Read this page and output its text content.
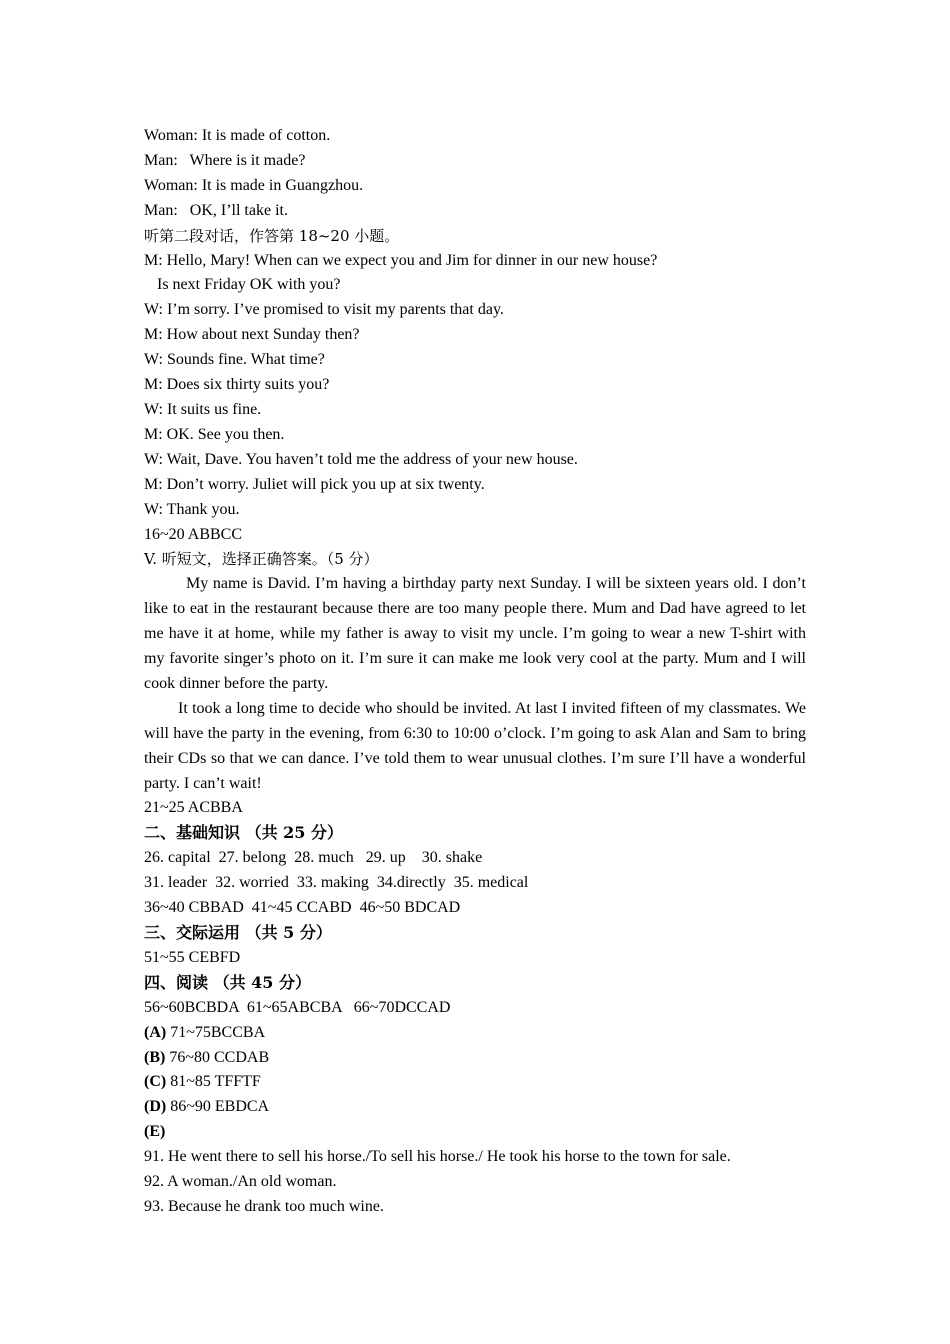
Woman: It is made of cotton.

Man:   Where is it made?

Woman: It is made in Guangzhou.

Man:   OK, I’ll take it.

听第二段对话，作答第 18~20 小题。

M: Hello, Mary! When can we expect you and Jim for dinner in our new house?

Is next Friday OK with you?

W: I’m sorry. I’ve promised to visit my parents that day.

M: How about next Sunday then?

W: Sounds fine. What time?

M: Does six thirty suits you?

W: It suits us fine.

M: OK. See you then.

W: Wait, Dave. You haven’t told me the address of your new house.

M: Don’t worry. Juliet will pick you up at six twenty.

W: Thank you.

16~20 ABBCC

V. 听短文，选择正确答案。（5 分）

My name is David. I’m having a birthday party next Sunday. I will be sixteen years old. I don’t like to eat in the restaurant because there are too many people there. Mum and Dad have agreed to let me have it at home, while my father is away to visit my uncle. I’m going to wear a new T-shirt with my favorite singer’s photo on it. I’m sure it can make me look very cool at the party. Mum and I will cook dinner before the party.

It took a long time to decide who should be invited. At last I invited fifteen of my classmates. We will have the party in the evening, from 6:30 to 10:00 o’clock. I’m going to ask Alan and Sam to bring their CDs so that we can dance. I’ve told them to wear unusual clothes. I’m sure I’ll have a wonderful party. I can’t wait!

21~25 ACBBA

二、基础知识 （共 25 分）

26. capital  27. belong  28. much   29. up    30. shake

31. leader  32. worried  33. making  34.directly  35. medical

36~40 CBBAD  41~45 CCABD  46~50 BDCAD

三、交际运用 （共 5 分）

51~55 CEBFD

四、阅读 （共 45 分）

56~60BCBDA  61~65ABCBA   66~70DCCAD

(A) 71~75BCCBA

(B) 76~80 CCDAB

(C) 81~85 TFFTF

(D) 86~90 EBDCA

(E)

91. He went there to sell his horse./To sell his horse./ He took his horse to the town for sale.

92. A woman./An old woman.

93. Because he drank too much wine.
